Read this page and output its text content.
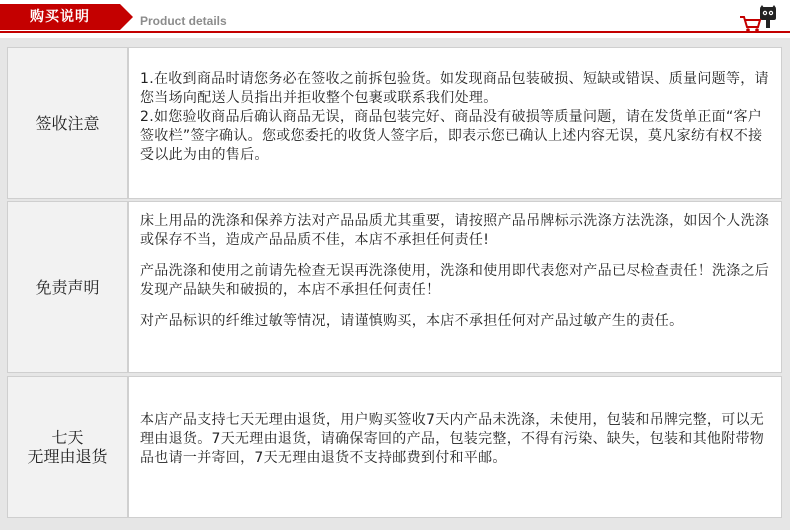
购买说明	Product details
签收注意

1.在收到商品时请您务必在签收之前拆包验货。如发现商品包装破损、短缺或错误、质量问题等，请您当场向配送人员指出并拒收整个包裹或联系我们处理。
2.如您验收商品后确认商品无误，商品包装完好、商品没有破损等质量问题，请在发货单正面“客户签收栏”签字确认。您或您委托的收货人签字后，即表示您已确认上述内容无误，莫凡家纺有权不接受以此为由的售后。

免责声明

床上用品的洗涤和保养方法对产品品质尤其重要，请按照产品吊牌标示洗涤方法洗涤，如因个人洗涤或保存不当，造成产品品质不佳，本店不承担任何责任!

产品洗涤和使用之前请先检查无误再洗涤使用，洗涤和使用即代表您对产品已尽检查责任！洗涤之后发现产品缺失和破损的，本店不承担任何责任！

对产品标识的纤维过敏等情况，请谨慎购买，本店不承担任何对产品过敏产生的责任。

七天
无理由退货

本店产品支持七天无理由退货，用户购买签收7天内产品未洗涤，未使用，包装和吊牌完整，可以无理由退货。7天无理由退货，请确保寄回的产品，包装完整，不得有污染、缺失，包装和其他附带物品也请一并寄回，7天无理由退货不支持邮费到付和平邮。
